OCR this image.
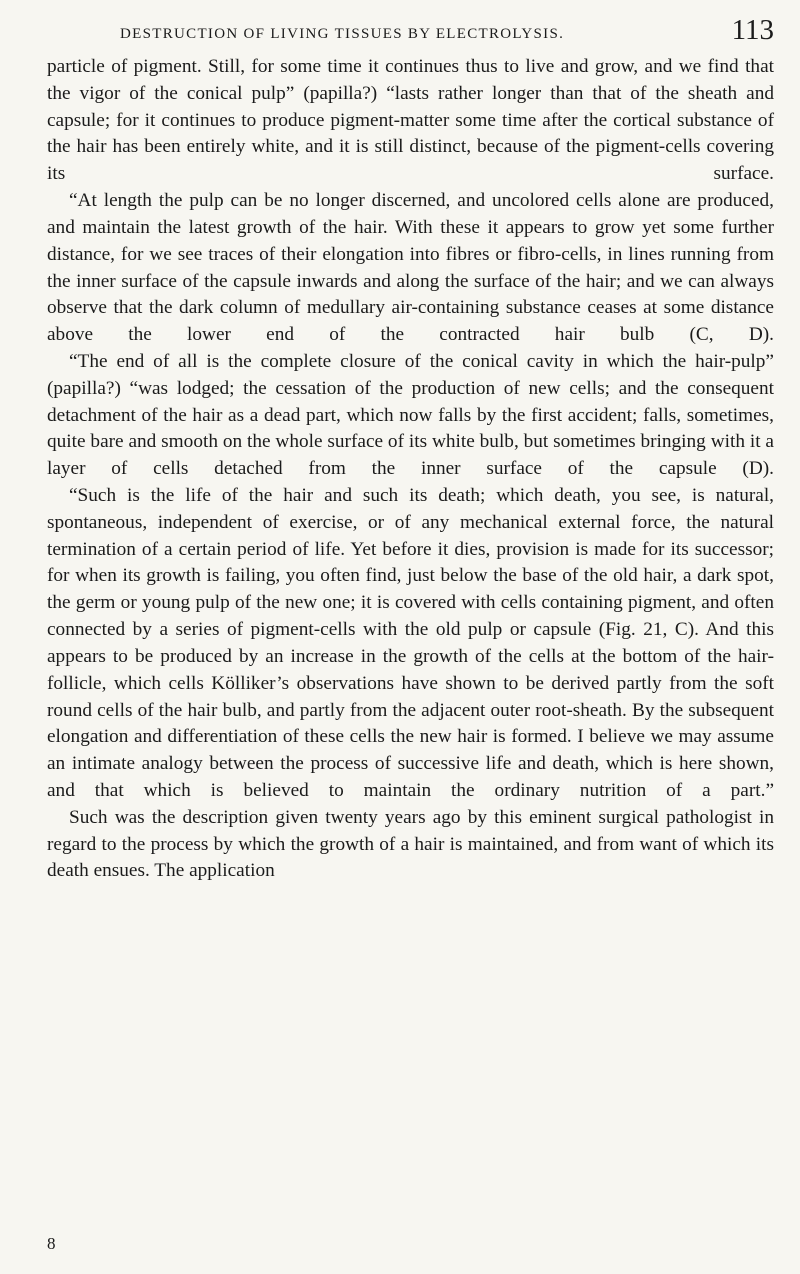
DESTRUCTION OF LIVING TISSUES BY ELECTROLYSIS.	113

particle of pigment. Still, for some time it continues thus to live and grow, and we find that the vigor of the conical pulp” (papilla?) “lasts rather longer than that of the sheath and capsule; for it continues to produce pigment-matter some time after the cortical substance of the hair has been entirely white, and it is still distinct, because of the pigment-cells covering its surface.

“At length the pulp can be no longer discerned, and uncolored cells alone are produced, and maintain the latest growth of the hair. With these it appears to grow yet some further distance, for we see traces of their elongation into fibres or fibro-cells, in lines running from the inner surface of the capsule inwards and along the surface of the hair; and we can always observe that the dark column of medullary air-containing substance ceases at some distance above the lower end of the contracted hair bulb (C, D).

“The end of all is the complete closure of the conical cavity in which the hair-pulp” (papilla?) “was lodged; the cessation of the production of new cells; and the consequent detachment of the hair as a dead part, which now falls by the first accident; falls, sometimes, quite bare and smooth on the whole surface of its white bulb, but sometimes bringing with it a layer of cells detached from the inner surface of the capsule (D).

“Such is the life of the hair and such its death; which death, you see, is natural, spontaneous, independent of exercise, or of any mechanical external force, the natural termination of a certain period of life. Yet before it dies, provision is made for its successor; for when its growth is failing, you often find, just below the base of the old hair, a dark spot, the germ or young pulp of the new one; it is covered with cells containing pigment, and often connected by a series of pigment-cells with the old pulp or capsule (Fig. 21, C). And this appears to be produced by an increase in the growth of the cells at the bottom of the hair-follicle, which cells Kölliker’s observations have shown to be derived partly from the soft round cells of the hair bulb, and partly from the adjacent outer root-sheath. By the subsequent elongation and differentiation of these cells the new hair is formed. I believe we may assume an intimate analogy between the process of successive life and death, which is here shown, and that which is believed to maintain the ordinary nutrition of a part.”

Such was the description given twenty years ago by this eminent surgical pathologist in regard to the process by which the growth of a hair is maintained, and from want of which its death ensues. The application

8
